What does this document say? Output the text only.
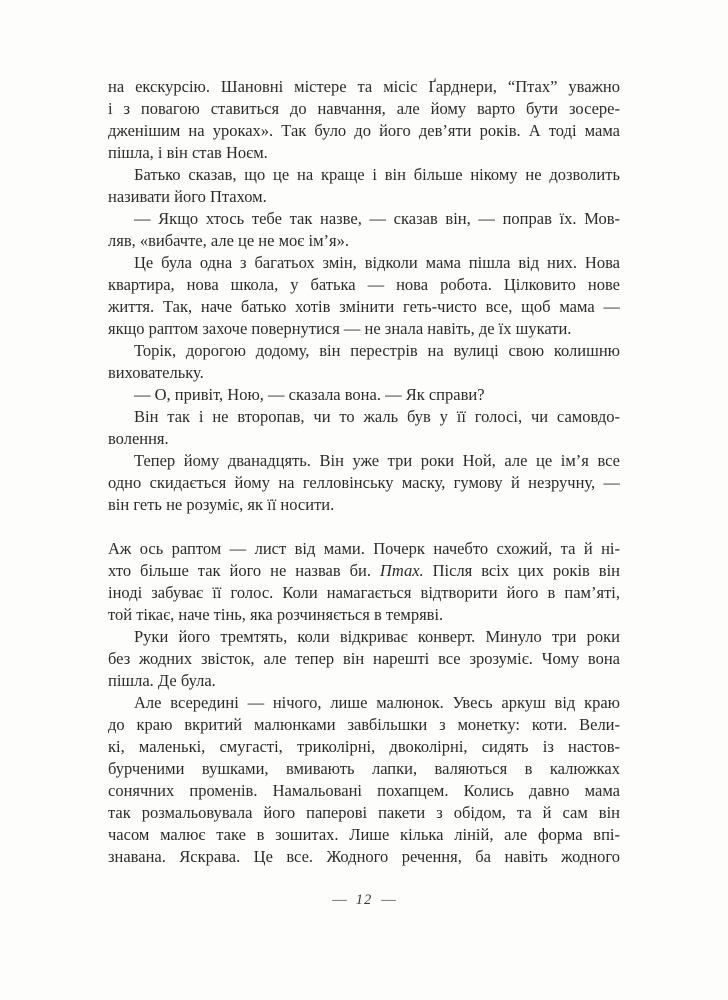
на екскурсію. Шановні містере та місіс Ґарднери, “Птах” уважно
і з повагою ставиться до навчання, але йому варто бути зосере-
дженішим на уроках». Так було до його дев’яти років. А тоді мама
пішла, і він став Ноєм.
Батько сказав, що це на краще і він більше нікому не дозволить
називати його Птахом.
— Якщо хтось тебе так назве, — сказав він, — поправ їх. Мов-
ляв, «вибачте, але це не моє ім’я».
Це була одна з багатьох змін, відколи мама пішла від них. Нова
квартира, нова школа, у батька — нова робота. Цілковито нове
життя. Так, наче батько хотів змінити геть-чисто все, щоб мама —
якщо раптом захоче повернутися — не знала навіть, де їх шукати.
Торік, дорогою додому, він перестрів на вулиці свою колишню
виховательку.
— О, привіт, Ною, — сказала вона. — Як справи?
Він так і не второпав, чи то жаль був у її голосі, чи самовдо-
волення.
Тепер йому дванадцять. Він уже три роки Ной, але це ім’я все
одно скидається йому на гелловінську маску, гумову й незручну, —
він геть не розуміє, як її носити.
Аж ось раптом — лист від мами. Почерк начебто схожий, та й ні-
хто більше так його не назвав би. Птах. Після всіх цих років він
іноді забуває її голос. Коли намагається відтворити його в пам’яті,
той тікає, наче тінь, яка розчиняється в темряві.
Руки його тремтять, коли відкриває конверт. Минуло три роки
без жодних звісток, але тепер він нарешті все зрозуміє. Чому вона
пішла. Де була.
Але всередині — нічого, лише малюнок. Увесь аркуш від краю
до краю вкритий малюнками завбільшки з монетку: коти. Вели-
кі, маленькі, смугасті, триколірні, двоколірні, сидять із настов-
бурченими вушками, вмивають лапки, валяються в калюжках
сонячних променів. Намальовані похапцем. Колись давно мама
так розмальовувала його паперові пакети з обідом, та й сам він
часом малює таке в зошитах. Лише кілька ліній, але форма впі-
знавана. Яскрава. Це все. Жодного речення, ба навіть жодного
— 12 —
